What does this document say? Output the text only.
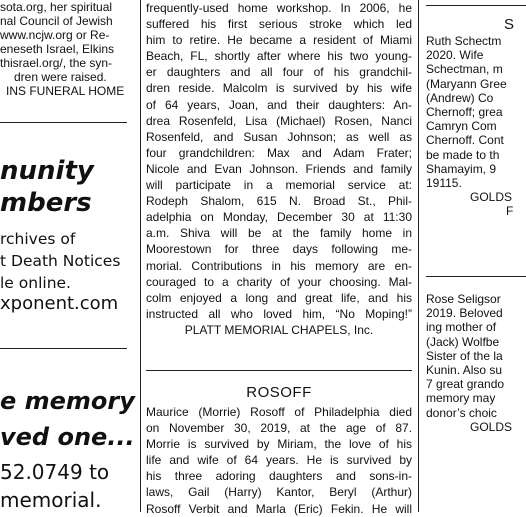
sota.org, her spiritual
nal Council of Jewish
www.ncjw.org or Re-
eneseth Israel, Elkins
thisrael.org/, the syn-
dren were raised.
INS FUNERAL HOME
nunity
mbers
rchives of
t Death Notices
le online.
xponent.com
e memory
ved one...
52.0749 to
memorial.
frequently-used home workshop. In 2006, he
suffered his first serious stroke which led
him to retire. He became a resident of Miami
Beach, FL, shortly after where his two young-
er daughters and all four of his grandchil-
dren reside. Malcolm is survived by his wife
of 64 years, Joan, and their daughters: An-
drea Rosenfeld, Lisa (Michael) Rosen, Nanci
Rosenfeld, and Susan Johnson; as well as
four grandchildren: Max and Adam Frater;
Nicole and Evan Johnson. Friends and family
will participate in a memorial service at:
Rodeph Shalom, 615 N. Broad St., Phil-
adelphia on Monday, December 30 at 11:30
a.m. Shiva will be at the family home in
Moorestown for three days following me-
morial. Contributions in his memory are en-
couraged to a charity of your choosing. Mal-
colm enjoyed a long and great life, and his
instructed all who loved him, “No Moping!”
PLATT MEMORIAL CHAPELS, Inc.
ROSOFF
Maurice (Morrie) Rosoff of Philadelphia died
on November 30, 2019, at the age of 87.
Morrie is survived by Miriam, the love of his
life and wife of 64 years. He is survived by
his three adoring daughters and sons-in-
laws, Gail (Harry) Kantor, Beryl (Arthur)
Rosoff Verbit and Marla (Eric) Fekin. He will
S
Ruth Schectm
2020. Wife
Schectman, m
(Maryann Gree
(Andrew) Co
Chernoff; grea
Camryn Com
Chernoff. Cont
be made to th
Shamayim, 9
19115.
GOLDS
F
Rose Seligsor
2019. Beloved
ing mother of
(Jack) Wolfbe
Sister of the la
Kunin. Also su
7 great grando
memory may
donor’s choic
GOLDS
